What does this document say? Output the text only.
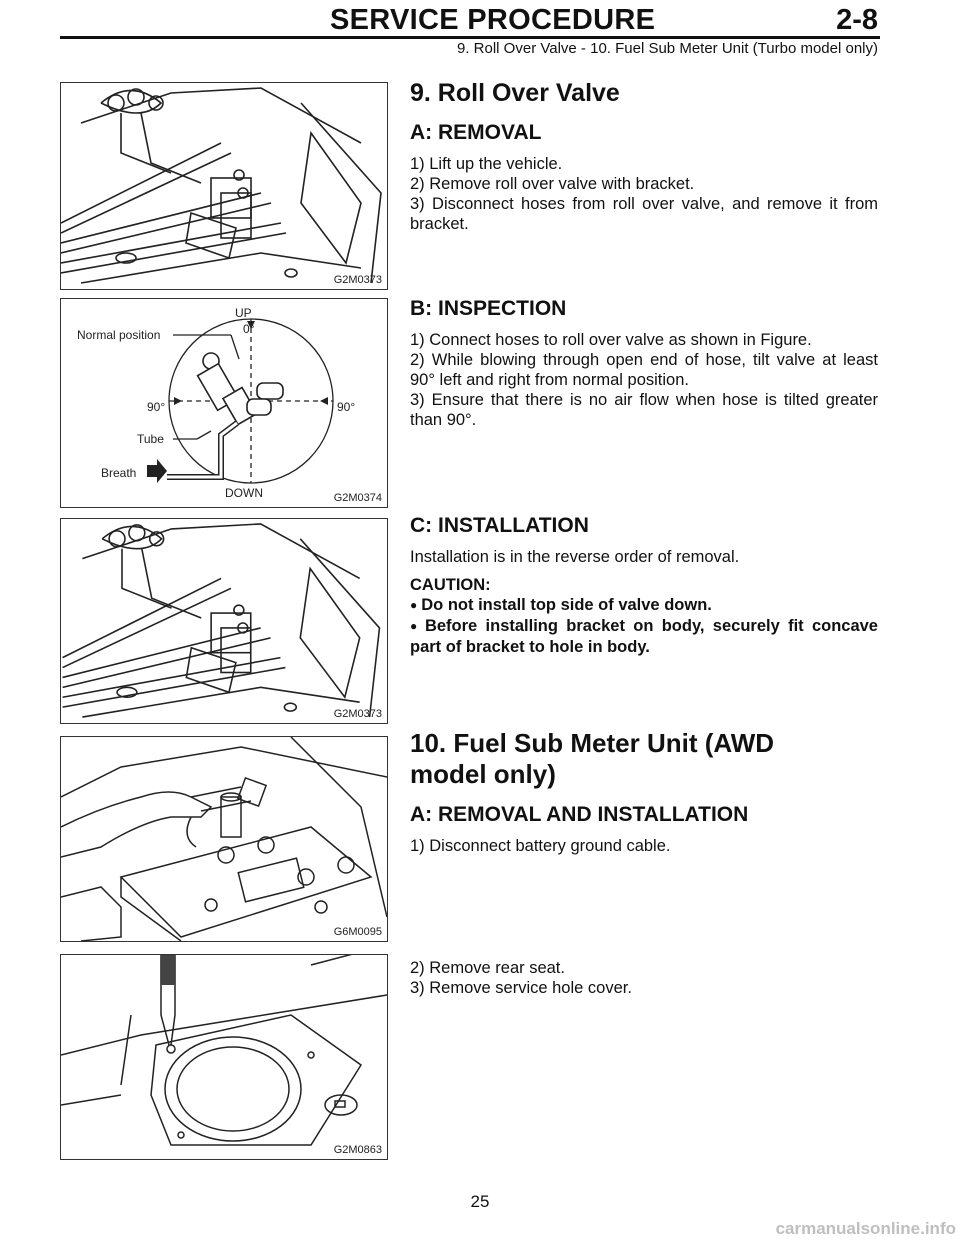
SERVICE PROCEDURE	2-8
9. Roll Over Valve - 10. Fuel Sub Meter Unit (Turbo model only)
G2M0373
UP
0°
Normal position
90°	90°
Tube
Breath
DOWN	G2M0374
G2M0373
G6M0095
G2M0863
9. Roll Over Valve
A: REMOVAL

1) Lift up the vehicle.

2) Remove roll over valve with bracket.

3) Disconnect hoses from roll over valve, and remove it from bracket.

B: INSPECTION

1) Connect hoses to roll over valve as shown in Figure.

2) While blowing through open end of hose, tilt valve at least 90° left and right from normal position.

3) Ensure that there is no air flow when hose is tilted greater than 90°.

C: INSTALLATION

Installation is in the reverse order of removal.

CAUTION:

● Do not install top side of valve down.

● Before installing bracket on body, securely fit concave part of bracket to hole in body.

10. Fuel Sub Meter Unit (AWD model only)
A: REMOVAL AND INSTALLATION

1) Disconnect battery ground cable.

2) Remove rear seat.

3) Remove service hole cover.

25
carmanualsonline.info
